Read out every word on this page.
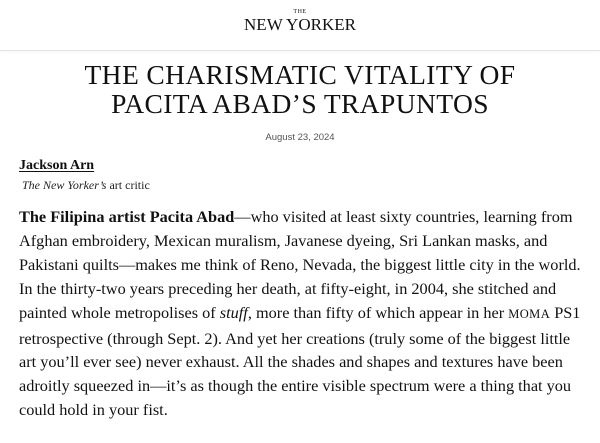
THE
NEW YORKER
THE CHARISMATIC VITALITY OF PACITA ABAD’S TRAPUNTOS
August 23, 2024
Jackson Arn
The New Yorker’s art critic

The Filipina artist Pacita Abad—who visited at least sixty countries, learning from Afghan embroidery, Mexican muralism, Javanese dyeing, Sri Lankan masks, and Pakistani quilts—makes me think of Reno, Nevada, the biggest little city in the world. In the thirty-two years preceding her death, at fifty-eight, in 2004, she stitched and painted whole metropolises of stuff, more than fifty of which appear in her MOMA PS1 retrospective (through Sept. 2). And yet her creations (truly some of the biggest little art you’ll ever see) never exhaust. All the shades and shapes and textures have been adroitly squeezed in—it’s as though the entire visible spectrum were a thing that you could hold in your fist.
